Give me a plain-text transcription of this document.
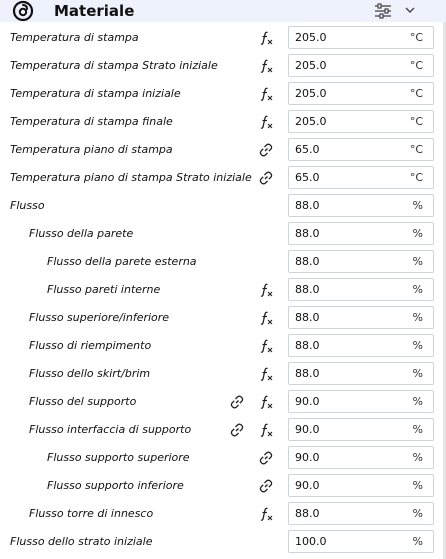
Materiale
Temperatura di stampa	205.0	°C
Temperatura di stampa Strato iniziale	205.0	°C
Temperatura di stampa iniziale	205.0	°C
Temperatura di stampa finale	205.0	°C
Temperatura piano di stampa	65.0	°C
Temperatura piano di stampa Strato iniziale	65.0	°C
Flusso	88.0	%
Flusso della parete	88.0	%
Flusso della parete esterna	88.0	%
Flusso pareti interne	88.0	%
Flusso superiore/inferiore	88.0	%
Flusso di riempimento	88.0	%
Flusso dello skirt/brim	88.0	%
Flusso del supporto	90.0	%
Flusso interfaccia di supporto	90.0	%
Flusso supporto superiore	90.0	%
Flusso supporto inferiore	90.0	%
Flusso torre di innesco	88.0	%
Flusso dello strato iniziale	100.0	%
